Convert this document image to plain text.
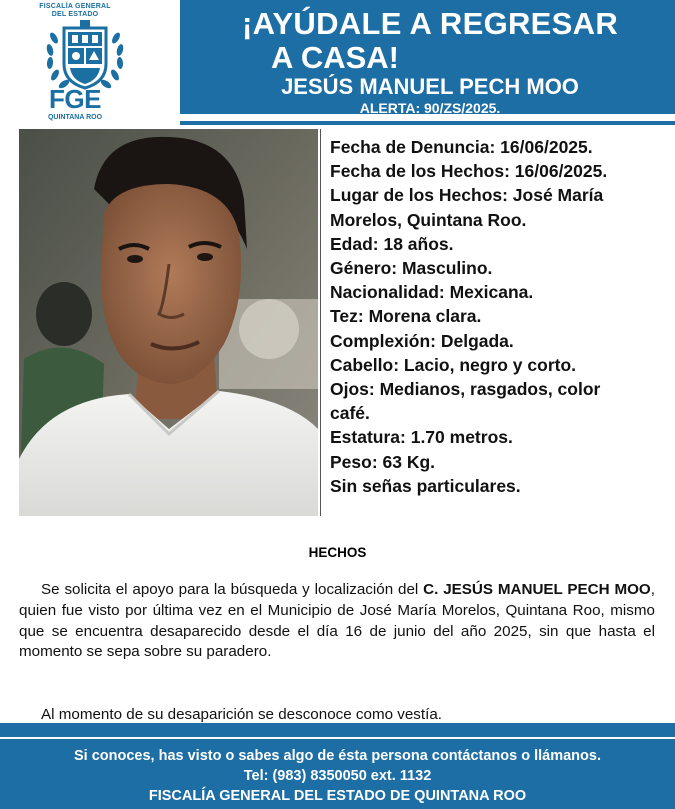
FISCALÍA GENERAL
DEL ESTADO
FGE
QUINTANA ROO
¡AYÚDALE A REGRESAR
A CASA!
JESÚS MANUEL PECH MOO
ALERTA: 90/ZS/2025.
Fecha de Denuncia: 16/06/2025.
Fecha de los Hechos: 16/06/2025.
Lugar de los Hechos: José María
Morelos, Quintana Roo.
Edad: 18 años.
Género: Masculino.
Nacionalidad: Mexicana.
Tez: Morena clara.
Complexión: Delgada.
Cabello: Lacio, negro y corto.
Ojos: Medianos, rasgados, color
café.
Estatura: 1.70 metros.
Peso: 63 Kg.
Sin señas particulares.
HECHOS

Se solicita el apoyo para la búsqueda y localización del C. JESÚS MANUEL PECH MOO, quien fue visto por última vez en el Municipio de José María Morelos, Quintana Roo, mismo que se encuentra desaparecido desde el día 16 de junio del año 2025, sin que hasta el momento se sepa sobre su paradero.

Al momento de su desaparición se desconoce como vestía.
Si conoces, has visto o sabes algo de ésta persona contáctanos o llámanos.
Tel: (983) 8350050 ext. 1132
FISCALÍA GENERAL DEL ESTADO DE QUINTANA ROO
